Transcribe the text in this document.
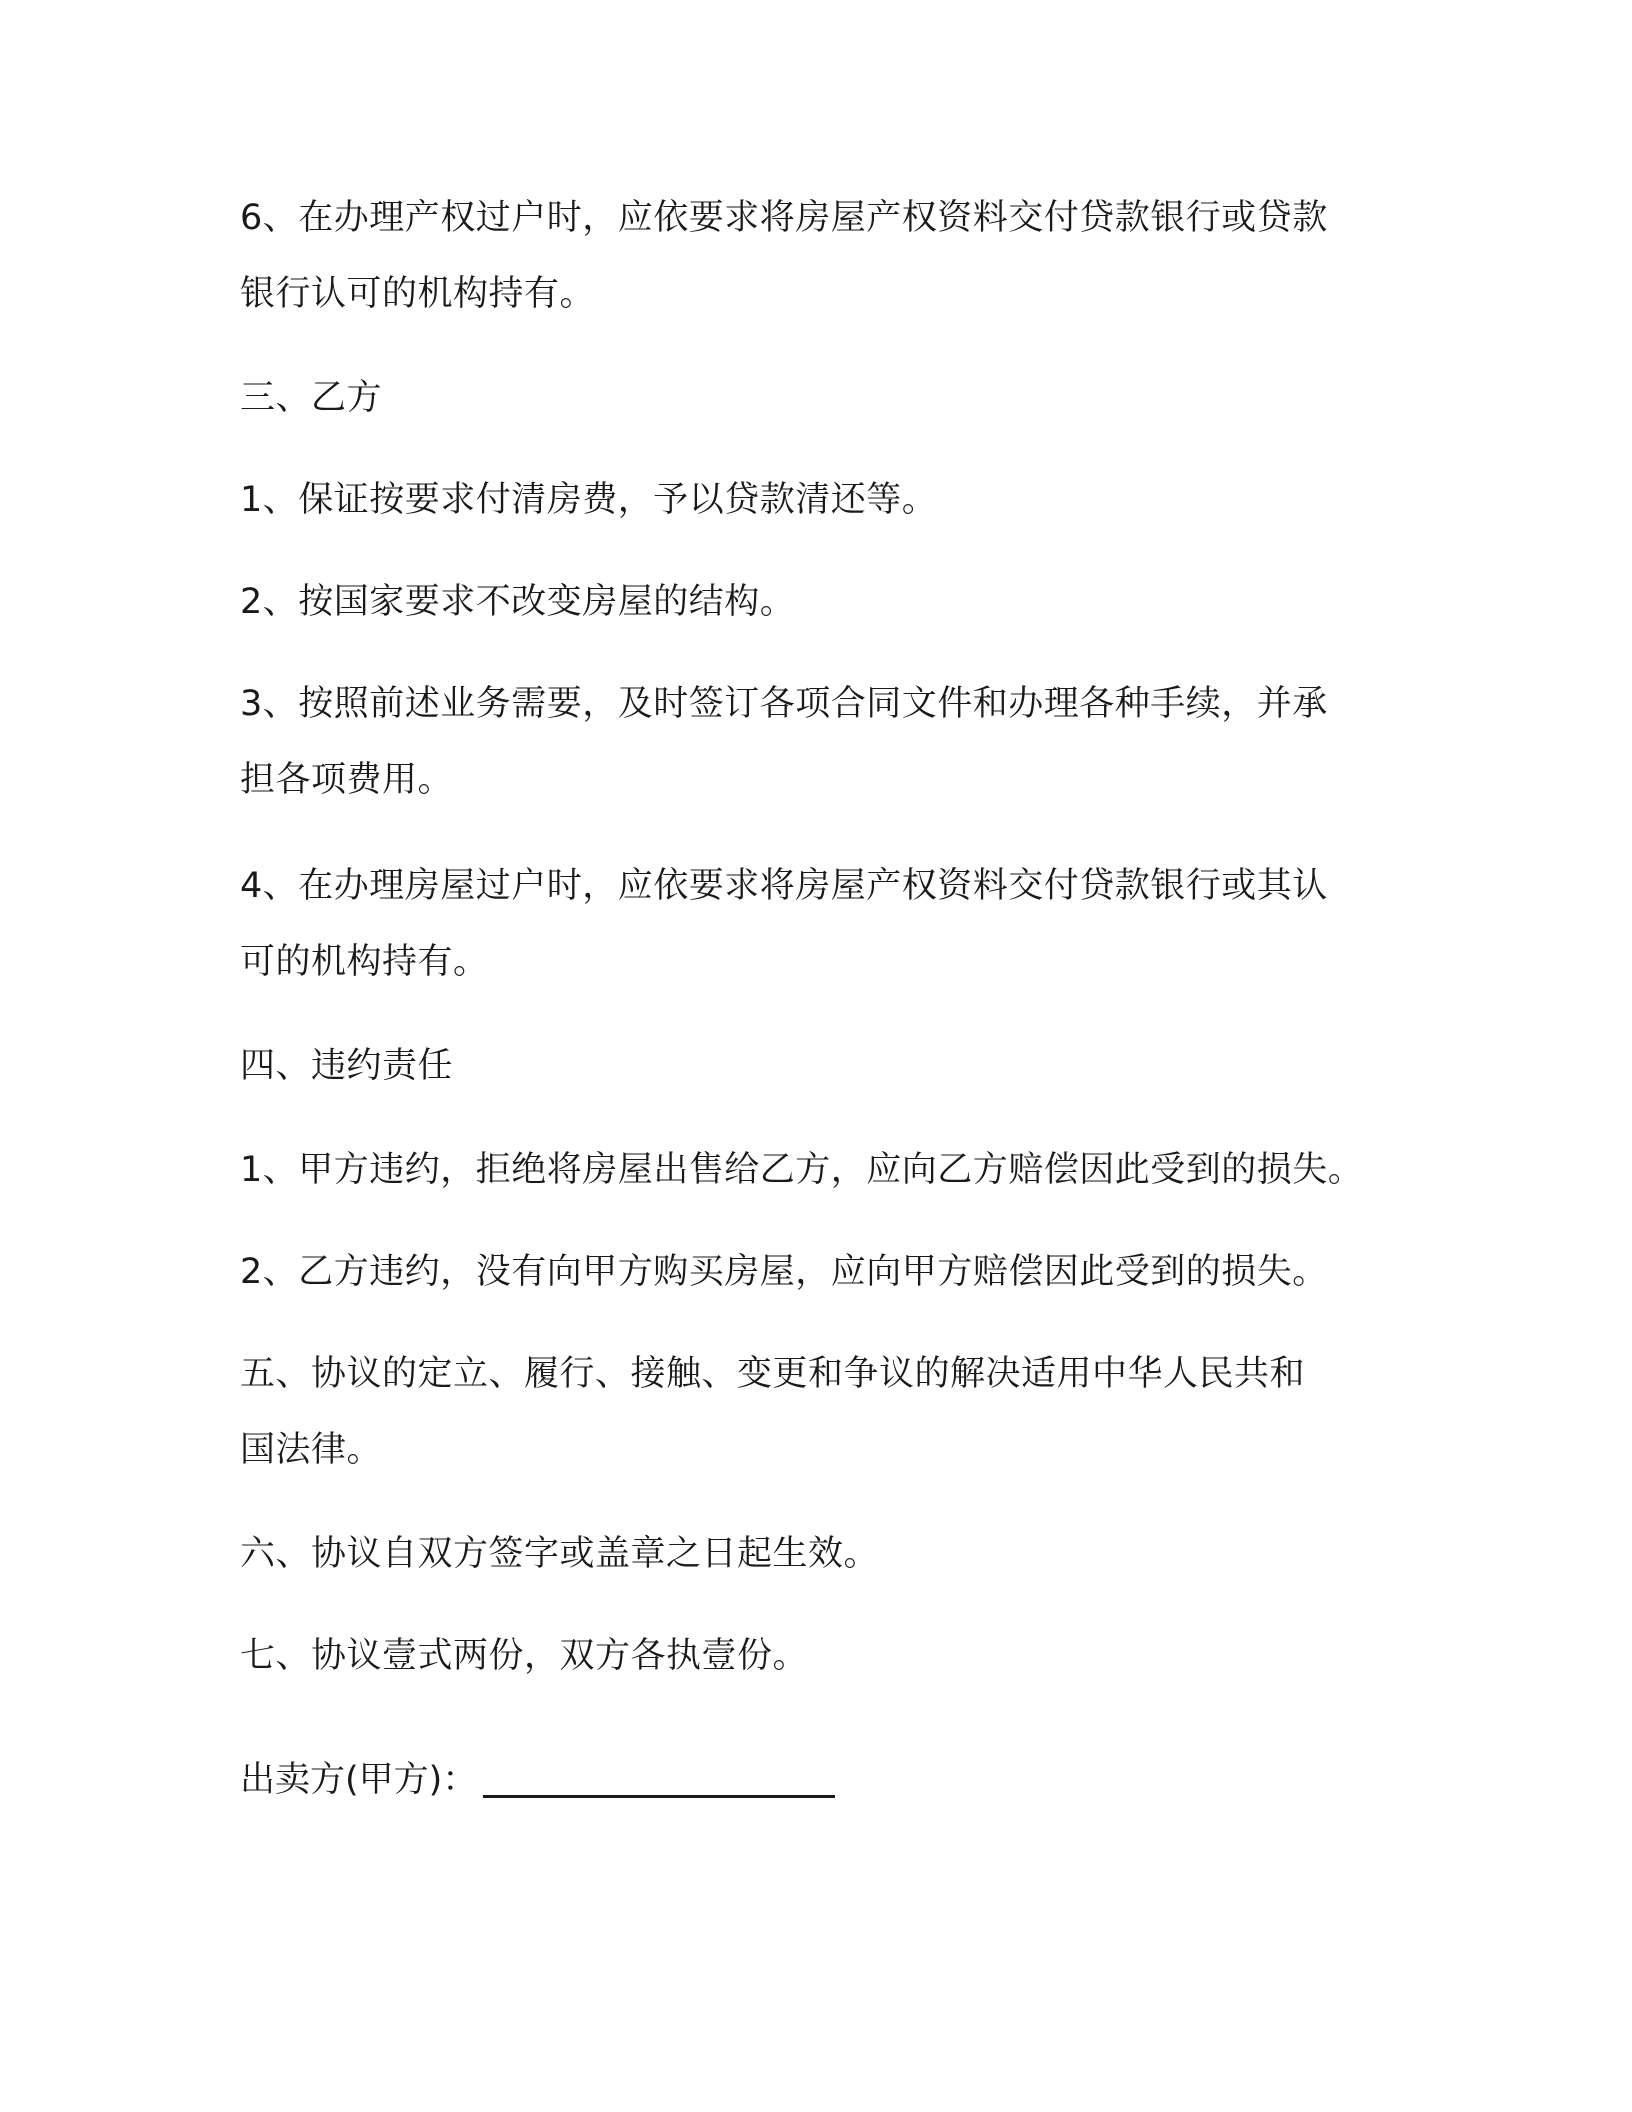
6、在办理产权过户时，应依要求将房屋产权资料交付贷款银行或贷款
银行认可的机构持有。
三、乙方
1、保证按要求付清房费，予以贷款清还等。
2、按国家要求不改变房屋的结构。
3、按照前述业务需要，及时签订各项合同文件和办理各种手续，并承
担各项费用。
4、在办理房屋过户时，应依要求将房屋产权资料交付贷款银行或其认
可的机构持有。
四、违约责任
1、甲方违约，拒绝将房屋出售给乙方，应向乙方赔偿因此受到的损失。
2、乙方违约，没有向甲方购买房屋，应向甲方赔偿因此受到的损失。
五、协议的定立、履行、接触、变更和争议的解决适用中华人民共和
国法律。
六、协议自双方签字或盖章之日起生效。
七、协议壹式两份，双方各执壹份。
出卖方(甲方)：
